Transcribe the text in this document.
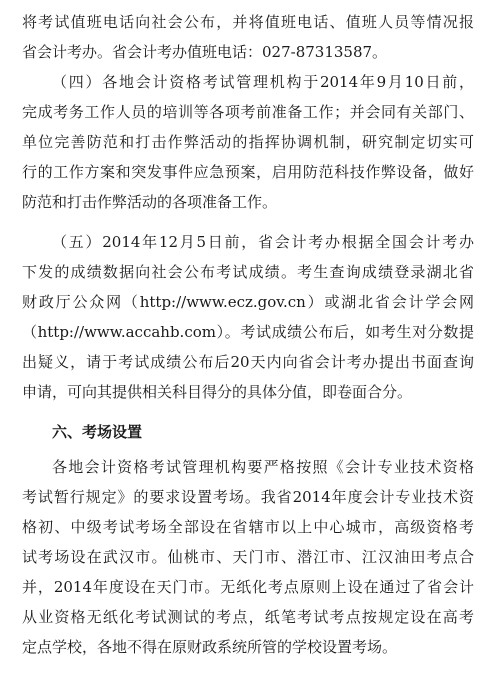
将考试值班电话向社会公布，并将值班电话、值班人员等情况报
省会计考办。省会计考办值班电话：027-87313587。
（四）各地会计资格考试管理机构于2014年9月10日前，
完成考务工作人员的培训等各项考前准备工作；并会同有关部门、
单位完善防范和打击作弊活动的指挥协调机制，研究制定切实可
行的工作方案和突发事件应急预案，启用防范科技作弊设备，做好
防范和打击作弊活动的各项准备工作。
（五）2014年12月5日前，省会计考办根据全国会计考办
下发的成绩数据向社会公布考试成绩。考生查询成绩登录湖北省
财政厅公众网（http://www.ecz.gov.cn）或湖北省会计学会网
（http://www.accahb.com）。考试成绩公布后，如考生对分数提
出疑义，请于考试成绩公布后20天内向省会计考办提出书面查询
申请，可向其提供相关科目得分的具体分值，即卷面合分。
六、考场设置
各地会计资格考试管理机构要严格按照《会计专业技术资格
考试暂行规定》的要求设置考场。我省2014年度会计专业技术资
格初、中级考试考场全部设在省辖市以上中心城市，高级资格考
试考场设在武汉市。仙桃市、天门市、潜江市、江汉油田考点合
并，2014年度设在天门市。无纸化考点原则上设在通过了省会计
从业资格无纸化考试测试的考点，纸笔考试考点按规定设在高考
定点学校，各地不得在原财政系统所管的学校设置考场。
